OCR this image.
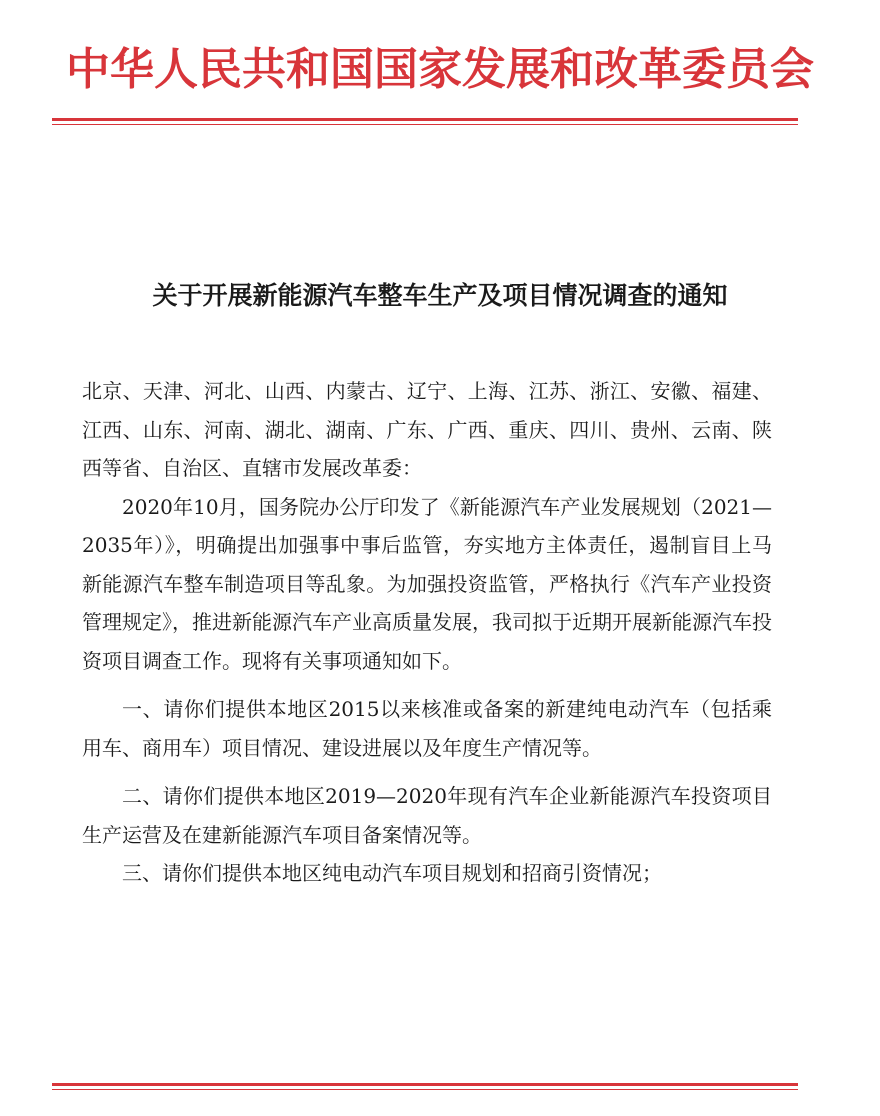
中华人民共和国国家发展和改革委员会
关于开展新能源汽车整车生产及项目情况调查的通知

北京、天津、河北、山西、内蒙古、辽宁、上海、江苏、浙江、安徽、福建、江西、山东、河南、湖北、湖南、广东、广西、重庆、四川、贵州、云南、陕西等省、自治区、直辖市发展改革委：

2020年10月，国务院办公厅印发了《新能源汽车产业发展规划（2021—2035年）》，明确提出加强事中事后监管，夯实地方主体责任，遏制盲目上马新能源汽车整车制造项目等乱象。为加强投资监管，严格执行《汽车产业投资管理规定》，推进新能源汽车产业高质量发展，我司拟于近期开展新能源汽车投资项目调查工作。现将有关事项通知如下。

一、请你们提供本地区2015以来核准或备案的新建纯电动汽车（包括乘用车、商用车）项目情况、建设进展以及年度生产情况等。

二、请你们提供本地区2019—2020年现有汽车企业新能源汽车投资项目生产运营及在建新能源汽车项目备案情况等。

三、请你们提供本地区纯电动汽车项目规划和招商引资情况；
